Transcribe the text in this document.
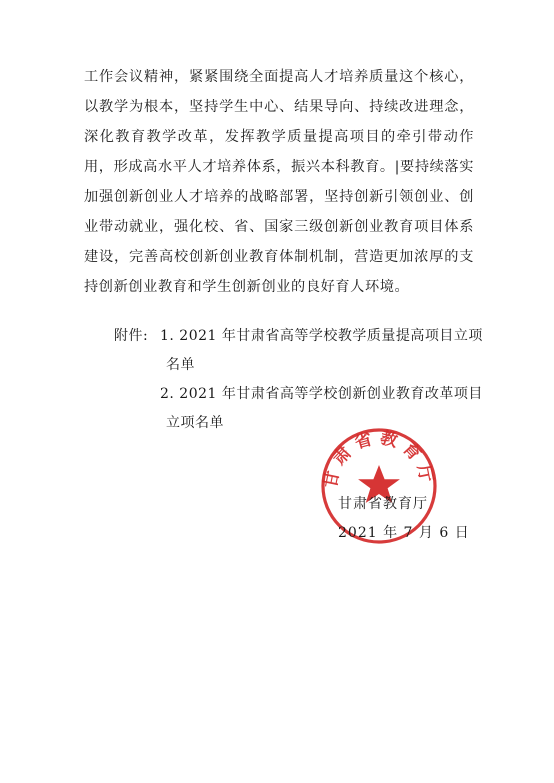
工作会议精神，紧紧围绕全面提高人才培养质量这个核心，
以教学为根本，坚持学生中心、结果导向、持续改进理念，
深化教育教学改革，发挥教学质量提高项目的牵引带动作
用，形成高水平人才培养体系，振兴本科教育。|要持续落实
加强创新创业人才培养的战略部署，坚持创新引领创业、创
业带动就业，强化校、省、国家三级创新创业教育项目体系
建设，完善高校创新创业教育体制机制，营造更加浓厚的支
持创新创业教育和学生创新创业的良好育人环境。
附件: 1. 2021 年甘肃省高等学校教学质量提高项目立项
名单
2. 2021 年甘肃省高等学校创新创业教育改革项目
立项名单
甘肃省教育厅
甘肃省教育厅
2021 年 7 月 6 日
